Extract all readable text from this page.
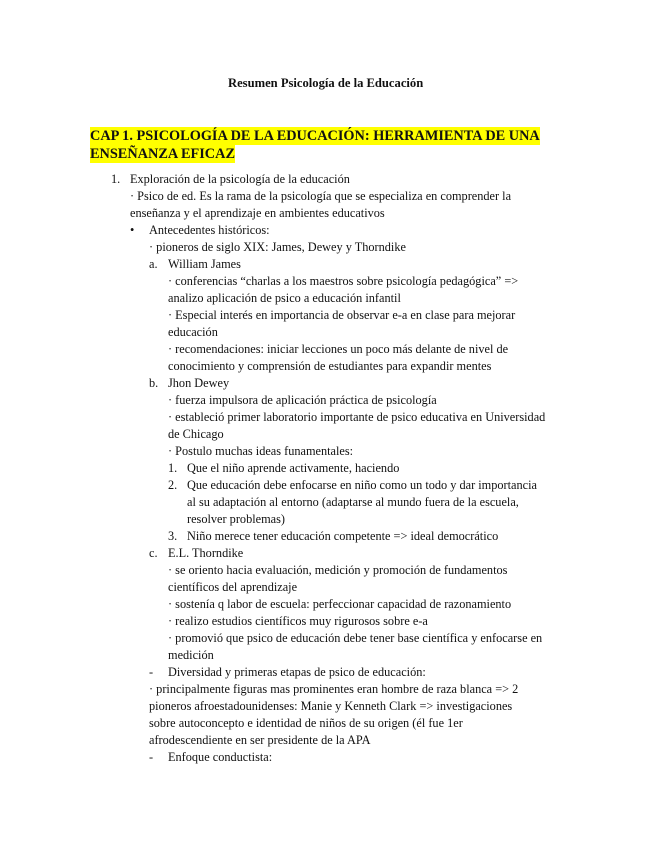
Resumen Psicología de la Educación
CAP 1. PSICOLOGÍA DE LA EDUCACIÓN: HERRAMIENTA DE UNA
ENSEÑANZA EFICAZ
1. Exploración de la psicología de la educación
· Psico de ed. Es la rama de la psicología que se especializa en comprender la
enseñanza y el aprendizaje en ambientes educativos
• Antecedentes históricos:
· pioneros de siglo XIX: James, Dewey y Thorndike
a. William James
· conferencias “charlas a los maestros sobre psicología pedagógica” =>
analizo aplicación de psico a educación infantil
· Especial interés en importancia de observar e-a en clase para mejorar
educación
· recomendaciones: iniciar lecciones un poco más delante de nivel de
conocimiento y comprensión de estudiantes para expandir mentes
b. Jhon Dewey
· fuerza impulsora de aplicación práctica de psicología
· estableció primer laboratorio importante de psico educativa en Universidad
de Chicago
· Postulo muchas ideas funamentales:
1. Que el niño aprende activamente, haciendo
2. Que educación debe enfocarse en niño como un todo y dar importancia
al su adaptación al entorno (adaptarse al mundo fuera de la escuela,
resolver problemas)
3. Niño merece tener educación competente => ideal democrático
c. E.L. Thorndike
· se oriento hacia evaluación, medición y promoción de fundamentos
científicos del aprendizaje
· sostenía q labor de escuela: perfeccionar capacidad de razonamiento
· realizo estudios científicos muy rigurosos sobre e-a
· promovió que psico de educación debe tener base científica y enfocarse en
medición
- Diversidad y primeras etapas de psico de educación:
· principalmente figuras mas prominentes eran hombre de raza blanca => 2
pioneros afroestadounidenses: Manie y Kenneth Clark => investigaciones
sobre autoconcepto e identidad de niños de su origen (él fue 1er
afrodescendiente en ser presidente de la APA
- Enfoque conductista:
